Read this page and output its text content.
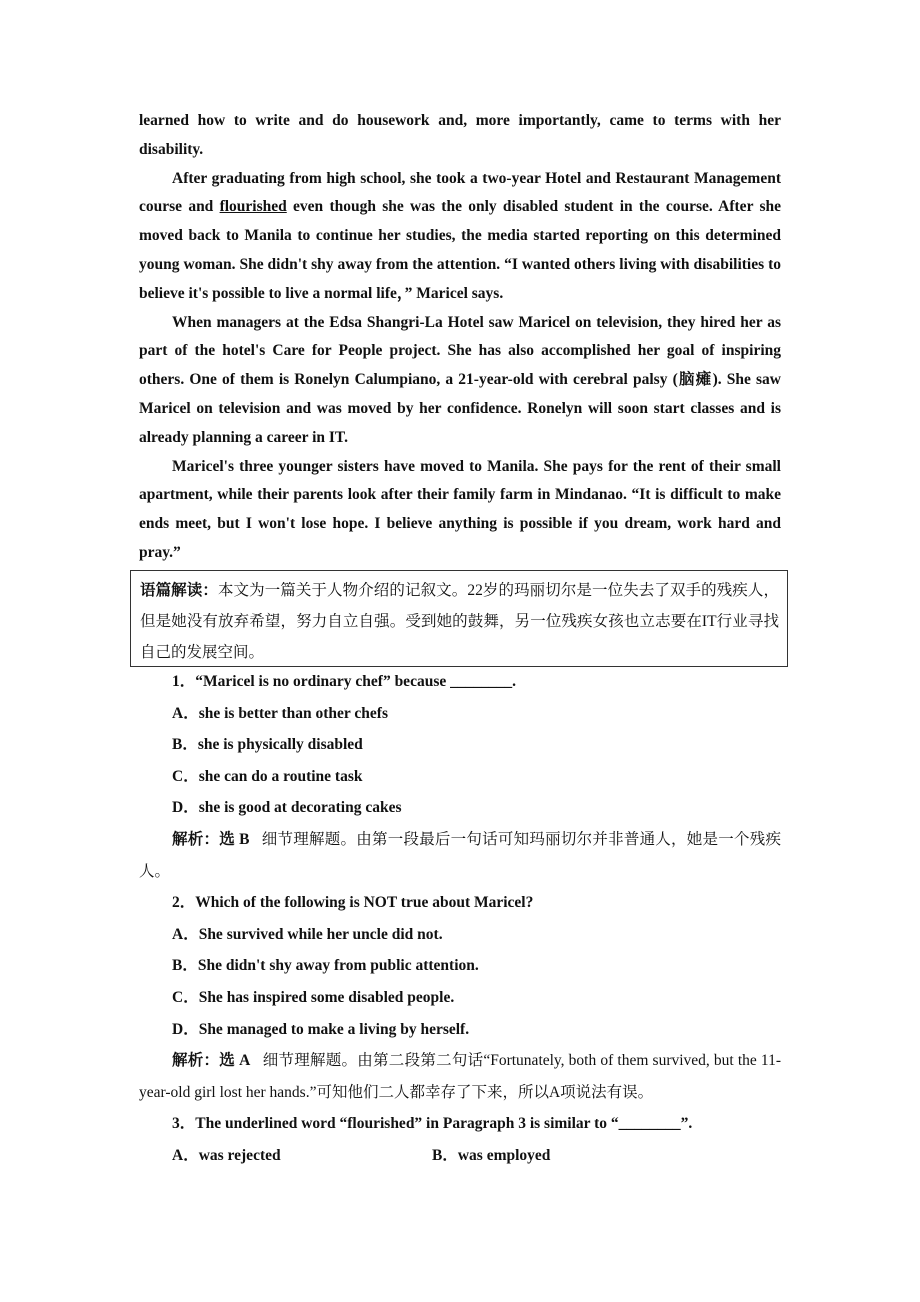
learned how to write and do housework and, more importantly, came to terms with her disability.

After graduating from high school, she took a two-year Hotel and Restaurant Management course and flourished even though she was the only disabled student in the course. After she moved back to Manila to continue her studies, the media started reporting on this determined young woman. She didn't shy away from the attention. “I wanted others living with disabilities to believe it's possible to live a normal life，” Maricel says.

When managers at the Edsa Shangri-La Hotel saw Maricel on television, they hired her as part of the hotel's Care for People project. She has also accomplished her goal of inspiring others. One of them is Ronelyn Calumpiano, a 21-year-old with cerebral palsy (脑瘫). She saw Maricel on television and was moved by her confidence. Ronelyn will soon start classes and is already planning a career in IT.

Maricel's three younger sisters have moved to Manila. She pays for the rent of their small apartment, while their parents look after their family farm in Mindanao. “It is difficult to make ends meet, but I won't lose hope. I believe anything is possible if you dream, work hard and pray.”

语篇解读：本文为一篇关于人物介绍的记叙文。22岁的玛丽切尔是一位失去了双手的残疾人，但是她没有放弃希望，努力自立自强。受到她的鼓舞，另一位残疾女孩也立志要在IT行业寻找自己的发展空间。
1．“Maricel is no ordinary chef” because ________.
A．she is better than other chefs
B．she is physically disabled
C．she can do a routine task
D．she is good at decorating cakes
解析：选 B 细节理解题。由第一段最后一句话可知玛丽切尔并非普通人，她是一个残疾人。
2．Which of the following is NOT true about Maricel?
A．She survived while her uncle did not.
B．She didn't shy away from public attention.
C．She has inspired some disabled people.
D．She managed to make a living by herself.
解析：选 A 细节理解题。由第二段第二句话“Fortunately, both of them survived, but the 11-year-old girl lost her hands.”可知他们二人都幸存了下来，所以A项说法有误。
3．The underlined word “flourished” in Paragraph 3 is similar to “________”.
A．was rejected	B．was employed
